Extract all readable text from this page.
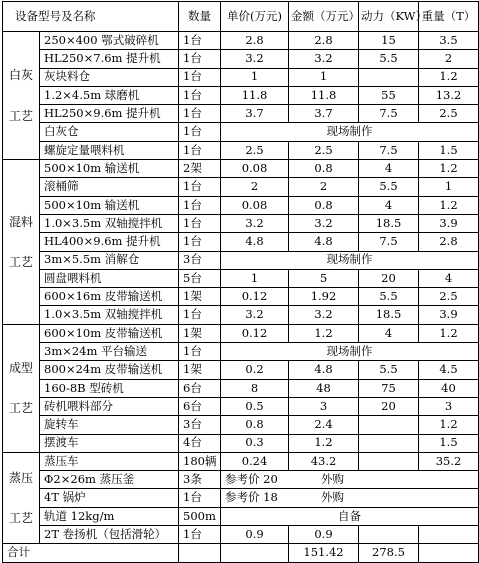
设备型号及名称		数量	单价(万元)	金额（万元）	动力（KW）	重量（T）

白灰
工艺	250×400 鄂式破碎机	1台	2.8	2.8	15	3.5
	HL250×7.6m 提升机	1台	3.2	3.2	5.5	2
	灰块料仓	1台	1	1		1.2
	1.2×4.5m 球磨机	1台	11.8	11.8	55	13.2
	HL250×9.6m 提升机	1台	3.7	3.7	7.5	2.5
	白灰仓	1台	现场制作			
	螺旋定量喂料机	1台	2.5	2.5	7.5	1.5

混料
工艺	500×10m 输送机	2架	0.08	0.8	4	1.2
	滚桶筛	1台	2	2	5.5	1
	500×10m 输送机	1台	0.08	0.8	4	1.2
	1.0×3.5m 双轴搅拌机	1台	3.2	3.2	18.5	3.9
	HL400×9.6m 提升机	1台	4.8	4.8	7.5	2.8
	3m×5.5m 消解仓	3台	现场制作			
	圆盘喂料机	5台	1	5	20	4
	600×16m 皮带输送机	1架	0.12	1.92	5.5	2.5
	1.0×3.5m 双轴搅拌机	1台	3.2	3.2	18.5	3.9

成型
工艺	600×10m 皮带输送机	1架	0.12	1.2	4	1.2
	3m×24m 平台输送	1台	现场制作			
	800×24m 皮带输送机	1架	0.2	4.8	5.5	4.5
	160-8B 型砖机	6台	8	48	75	40
	砖机喂料部分	6台	0.5	3	20	3
	旋转车	3台	0.8	2.4		1.2
	摆渡车	4台	0.3	1.2		1.5

蒸压
工艺	蒸压车	180辆	0.24	43.2		35.2
	Φ2×26m 蒸压釜	3条	参考价 20 外购			
	4T 锅炉	1台	参考价 18 外购			
	轨道 12kg/m	500m	自备			
	2T 卷扬机（包括滑轮）	1台	0.9	0.9		
合计				151.42	278.5	
